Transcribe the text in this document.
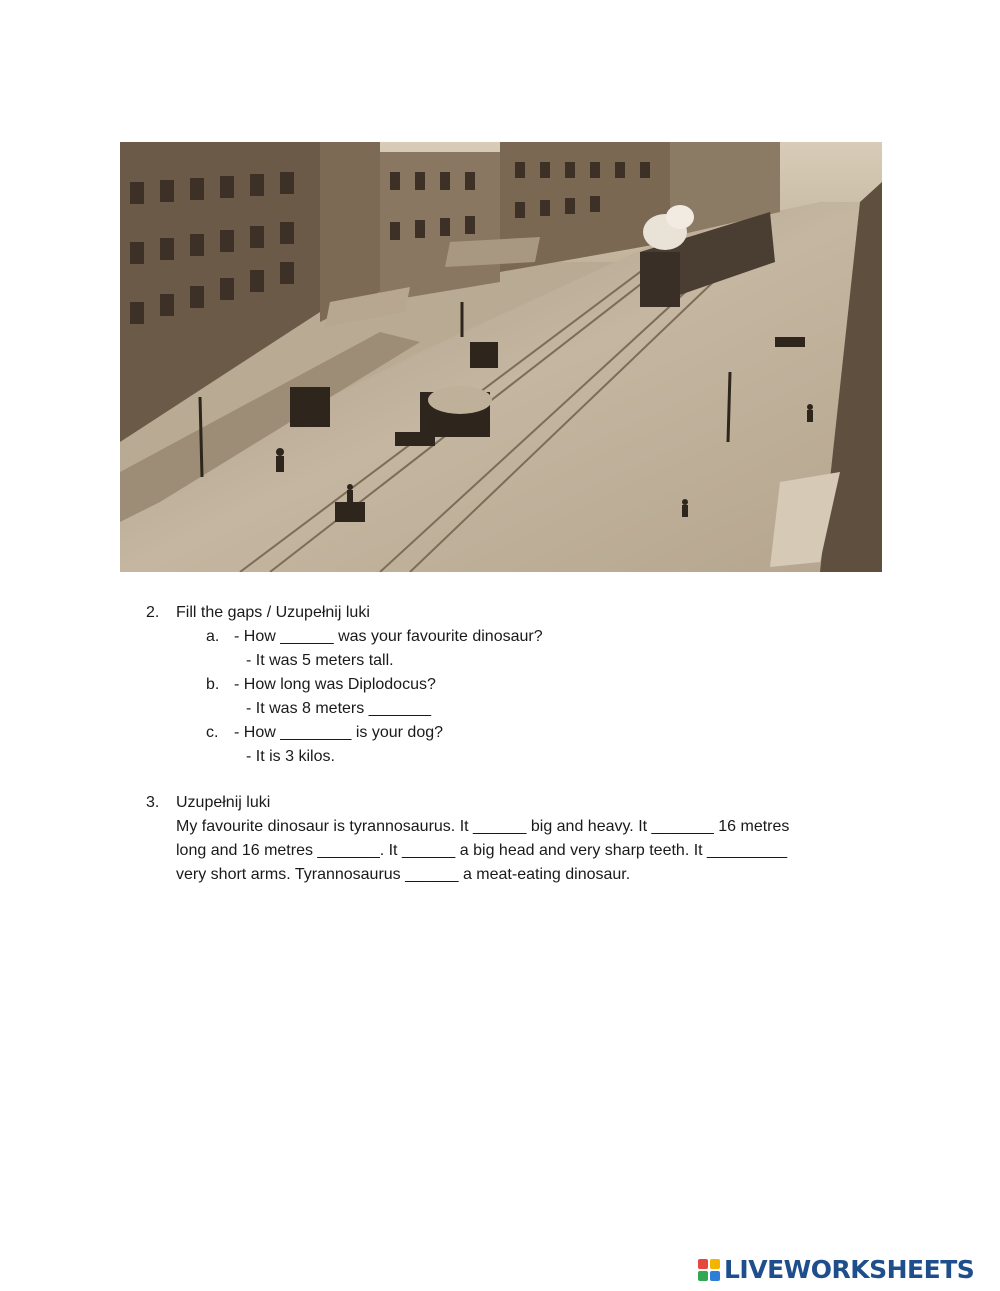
2. Fill the gaps / Uzupełnij luki
a. - How ______ was your favourite dinosaur?
- It was 5 meters tall.
b. - How long was Diplodocus?
- It was 8 meters _______
c. - How ________ is your dog?
- It is 3 kilos.
3. Uzupełnij luki
My favourite dinosaur is tyrannosaurus. It ______ big and heavy. It _______ 16 metres
long and 16 metres _______. It ______ a big head and very sharp teeth. It _________
very short arms. Tyrannosaurus ______ a meat-eating dinosaur.
LIVEWORKSHEETS
